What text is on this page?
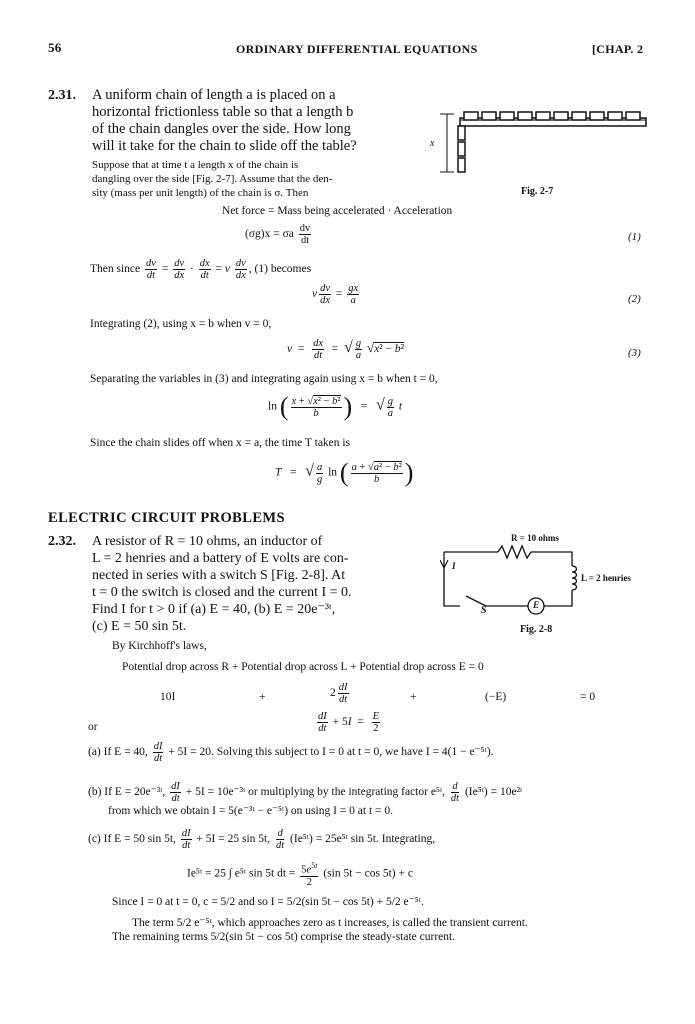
56	ORDINARY DIFFERENTIAL EQUATIONS	[CHAP. 2
2.31. A uniform chain of length a is placed on a
horizontal frictionless table so that a length b
of the chain dangles over the side. How long
will it take for the chain to slide off the table?
Suppose that at time t a length x of the chain is
dangling over the side [Fig. 2-7]. Assume that the den-
sity (mass per unit length) of the chain is σ. Then
x
Fig. 2-7
Net force = Mass being accelerated · Acceleration
(σg)x = σa $\frac{dv}{dt}$	(1)
Then since $\frac{dv}{dt} = \frac{dv}{dx} \cdot \frac{dx}{dt} = v \frac{dv}{dx}$ , (1) becomes
v $\frac{dv}{dx} = \frac{gx}{a}$	(2)
Integrating (2), using x = b when v = 0,
$v = \frac{dx}{dt}$ =  √ $\frac{g}{a} √x^2 - b^2$	(3)
Separating the variables in (3) and integrating again using x = b when t = 0,
ln ( $\frac{\text{x + √x² − b²}}{b}$ )   =   √ $\frac{g}{a}$ t
Since the chain slides off when x = a, the time T taken is
T   =   √ $\frac{a}{g}$ ln ( $\frac{\text{a + √a² − b²}}{b}$ )
ELECTRIC CIRCUIT PROBLEMS
2.32. A resistor of R = 10 ohms, an inductor of
L = 2 henries and a battery of E volts are con-
nected in series with a switch S [Fig. 2-8]. At
t = 0 the switch is closed and the current I = 0.
Find I for t > 0 if (a) E = 40, (b) E = 20e⁻³ᵗ,
(c) E = 50 sin 5t.
R = 10 ohms
I
L = 2 henries
S	E
Fig. 2-8
By Kirchhoff's laws,
Potential drop across R + Potential drop across L + Potential drop across E = 0
10I	+	$2 \frac{dI}{dt}$	+	(−E)	= 0
or	$\frac{dI}{dt} + 5I = \frac{E}{2}$
(a) If E = 40, $\frac{dI}{dt} + 5I = 20$. Solving this subject to I = 0 at t = 0, we have I = 4(1 − e⁻⁵ᵗ).
(b) If E = 20e⁻³ᵗ, $\frac{dI}{dt} + 5I$ = 10e⁻³ᵗ or multiplying by the integrating factor e⁵ᵗ, $\frac{d}{dt}$ (Ie⁵ᵗ) = 10e²ᵗ
from which we obtain I = 5(e⁻³ᵗ − e⁻⁵ᵗ) on using I = 0 at t = 0.
(c) If E = 50 sin 5t, $\frac{dI}{dt} + 5I = 25$ sin 5t, $\frac{d}{dt}$ (Ie⁵ᵗ) = 25e⁵ᵗ sin 5t. Integrating,
Ie⁵ᵗ = 25 ∫ e⁵ᵗ sin 5t dt = $\frac{5e^{5t}}{2} (\sin$ 5t − cos 5t) + c
Since I = 0 at t = 0, c = 5/2 and so I = 5/2(sin 5t − cos 5t) + 5/2 e⁻⁵ᵗ.
The term 5/2 e⁻⁵ᵗ, which approaches zero as t increases, is called the transient current.
The remaining terms 5/2(sin 5t − cos 5t) comprise the steady-state current.
